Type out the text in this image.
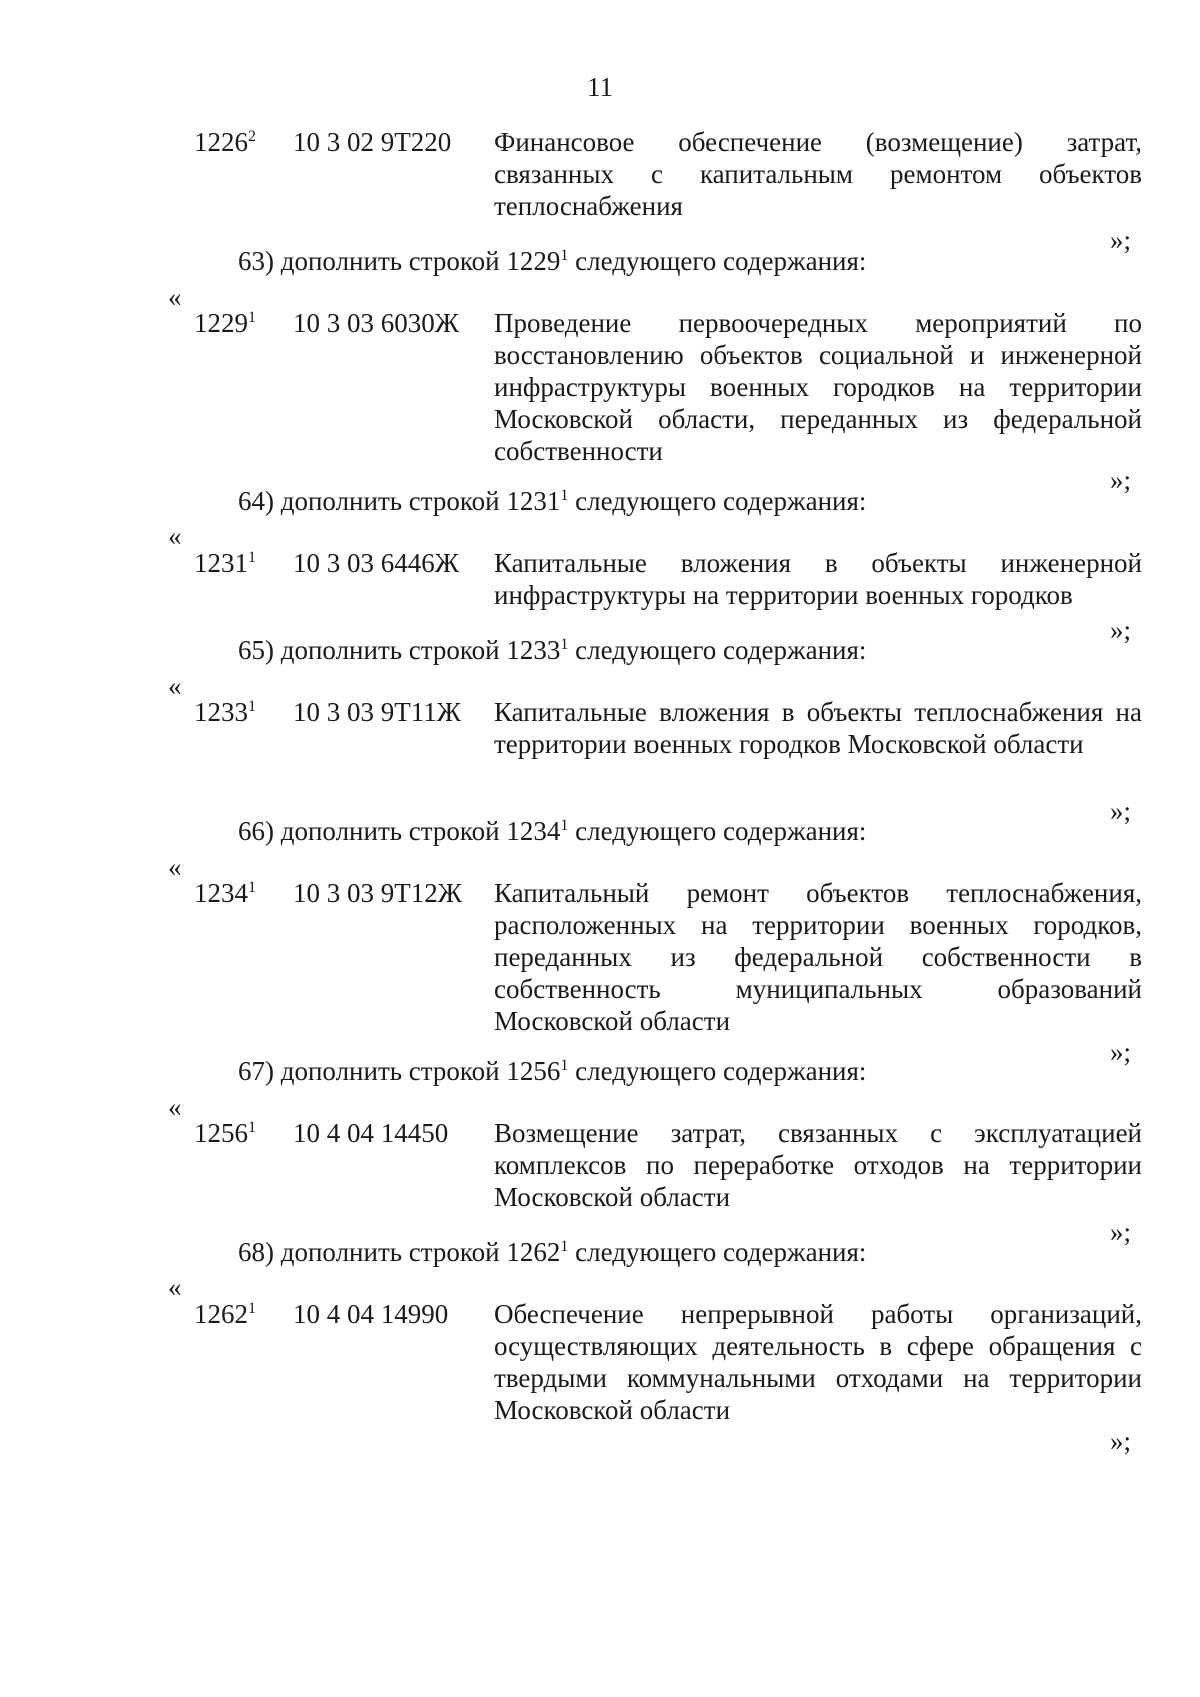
11
1226$^2$ 10 3 02 9Т220 Финансовое обеспечение (возмещение) затрат, связанных с капитальным ремонтом объектов теплоснабжения
»;
63) дополнить строкой 1229$^1$ следующего содержания:
«
1229$^1$ 10 3 03 6030Ж Проведение первоочередных мероприятий по восстановлению объектов социальной и инженерной инфраструктуры военных городков на территории Московской области, переданных из федеральной собственности
»;
64) дополнить строкой 1231$^1$ следующего содержания:
«
1231$^1$ 10 3 03 6446Ж Капитальные вложения в объекты инженерной инфраструктуры на территории военных городков
»;
65) дополнить строкой 1233$^1$ следующего содержания:
«
1233$^1$ 10 3 03 9Т11Ж Капитальные вложения в объекты теплоснабжения на территории военных городков Московской области
»;
66) дополнить строкой 1234$^1$ следующего содержания:
«
1234$^1$ 10 3 03 9Т12Ж Капитальный ремонт объектов теплоснабжения, расположенных на территории военных городков, переданных из федеральной собственности в собственность муниципальных образований Московской области
»;
67) дополнить строкой 1256$^1$ следующего содержания:
«
1256$^1$ 10 4 04 14450 Возмещение затрат, связанных с эксплуатацией комплексов по переработке отходов на территории Московской области
»;
68) дополнить строкой 1262$^1$ следующего содержания:
«
1262$^1$ 10 4 04 14990 Обеспечение непрерывной работы организаций, осуществляющих деятельность в сфере обращения с твердыми коммунальными отходами на территории Московской области
»;
